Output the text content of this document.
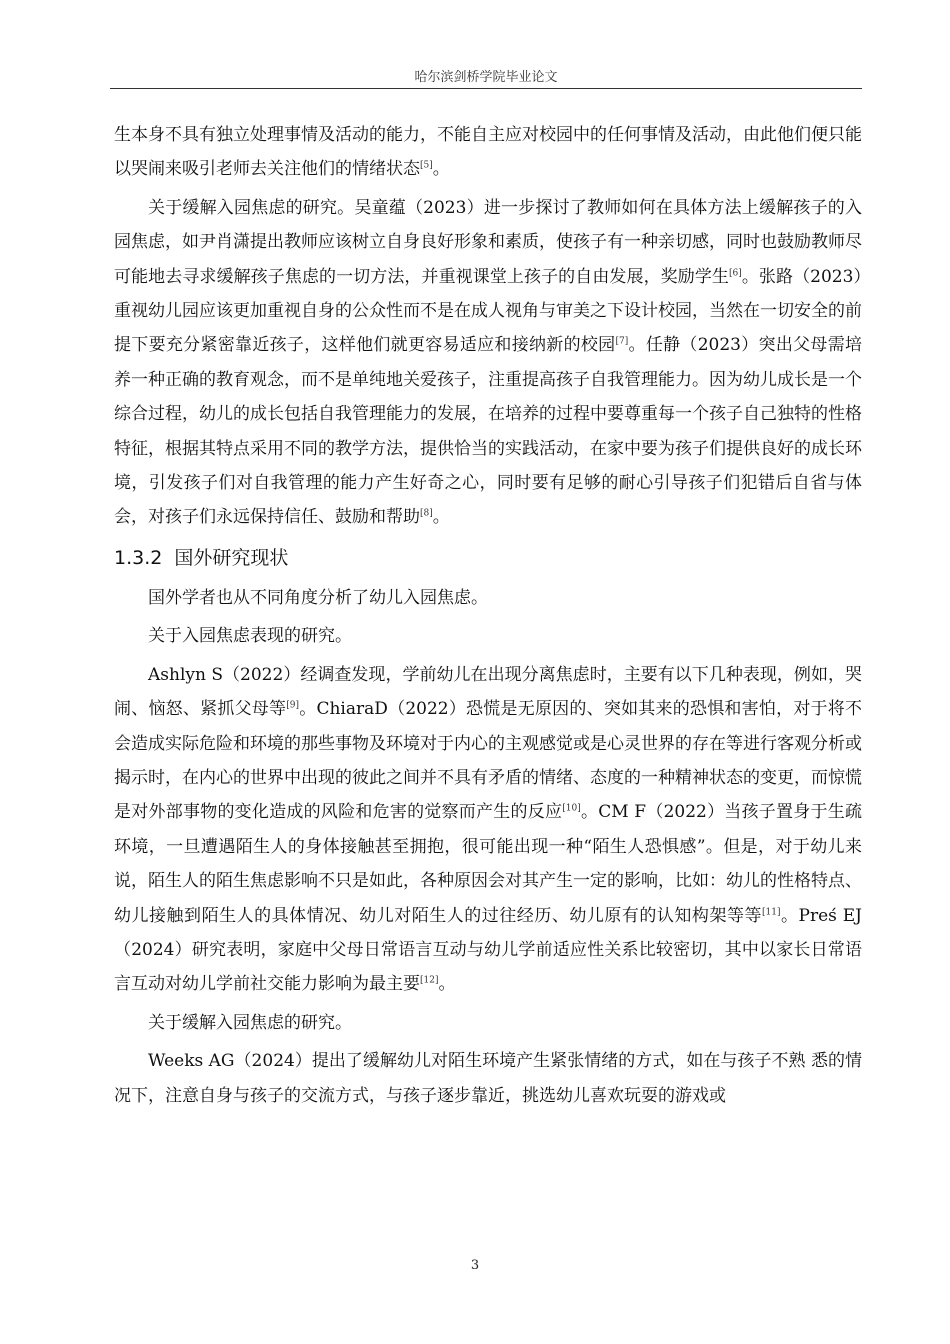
哈尔滨剑桥学院毕业论文

生本身不具有独立处理事情及活动的能力，不能自主应对校园中的任何事情及活动，由此他们便只能以哭闹来吸引老师去关注他们的情绪状态[5]。

关于缓解入园焦虑的研究。吴童蕴（2023）进一步探讨了教师如何在具体方法上缓解孩子的入园焦虑，如尹肖潇提出教师应该树立自身良好形象和素质，使孩子有一种亲切感，同时也鼓励教师尽可能地去寻求缓解孩子焦虑的一切方法，并重视课堂上孩子的自由发展，奖励学生[6]。张路（2023）重视幼儿园应该更加重视自身的公众性而不是在成人视角与审美之下设计校园，当然在一切安全的前提下要充分紧密靠近孩子，这样他们就更容易适应和接纳新的校园[7]。任静（2023）突出父母需培养一种正确的教育观念，而不是单纯地关爱孩子，注重提高孩子自我管理能力。因为幼儿成长是一个综合过程，幼儿的成长包括自我管理能力的发展，在培养的过程中要尊重每一个孩子自己独特的性格特征，根据其特点采用不同的教学方法，提供恰当的实践活动，在家中要为孩子们提供良好的成长环境，引发孩子们对自我管理的能力产生好奇之心，同时要有足够的耐心引导孩子们犯错后自省与体会，对孩子们永远保持信任、鼓励和帮助[8]。

1.3.2 国外研究现状

国外学者也从不同角度分析了幼儿入园焦虑。

关于入园焦虑表现的研究。

Ashlyn S（2022）经调查发现，学前幼儿在出现分离焦虑时，主要有以下几种表现，例如，哭闹、恼怒、紧抓父母等[9]。ChiaraD（2022）恐慌是无原因的、突如其来的恐惧和害怕，对于将不会造成实际危险和环境的那些事物及环境对于内心的主观感觉或是心灵世界的存在等进行客观分析或揭示时，在内心的世界中出现的彼此之间并不具有矛盾的情绪、态度的一种精神状态的变更，而惊慌是对外部事物的变化造成的风险和危害的觉察而产生的反应[10]。CM F（2022）当孩子置身于生疏环境，一旦遭遇陌生人的身体接触甚至拥抱，很可能出现一种“陌生人恐惧感”。但是，对于幼儿来说，陌生人的陌生焦虑影响不只是如此，各种原因会对其产生一定的影响，比如：幼儿的性格特点、幼儿接触到陌生人的具体情况、幼儿对陌生人的过往经历、幼儿原有的认知构架等等[11]。Preś EJ（2024）研究表明，家庭中父母日常语言互动与幼儿学前适应性关系比较密切，其中以家长日常语言互动对幼儿学前社交能力影响为最主要[12]。

关于缓解入园焦虑的研究。

Weeks AG（2024）提出了缓解幼儿对陌生环境产生紧张情绪的方式，如在与孩子不熟 悉的情况下，注意自身与孩子的交流方式，与孩子逐步靠近，挑选幼儿喜欢玩耍的游戏或

3
